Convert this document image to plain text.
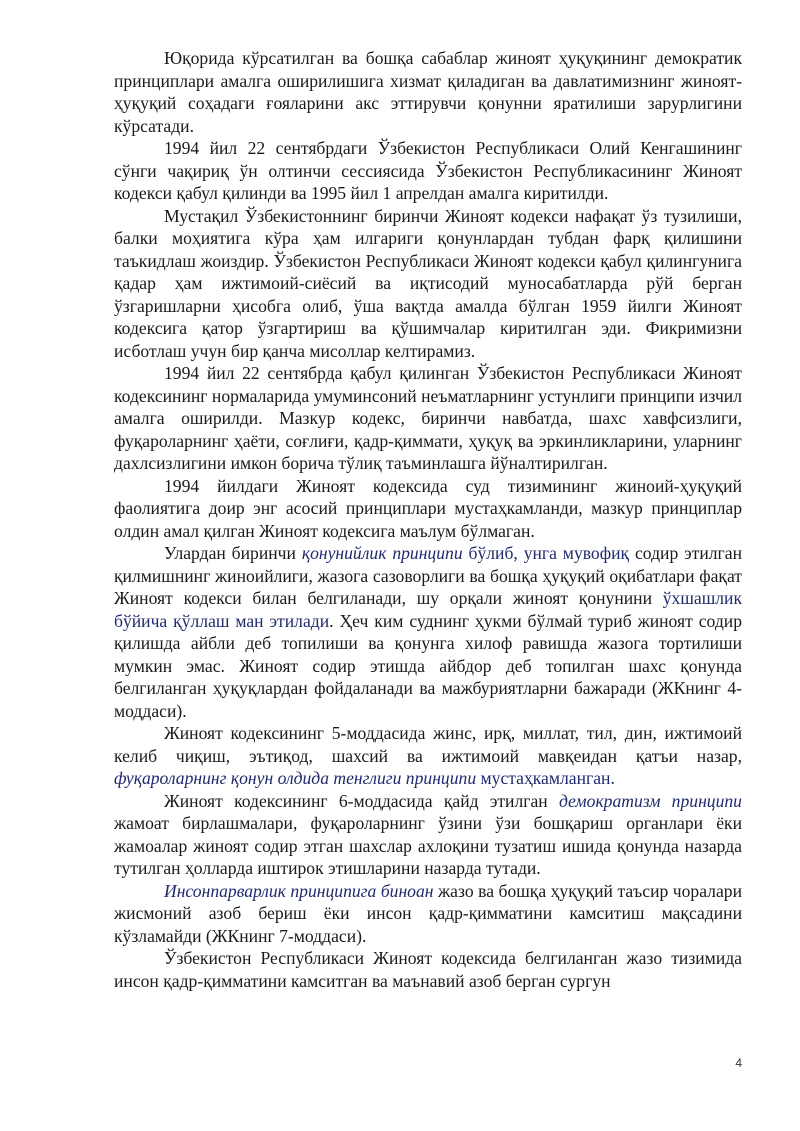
Юқорида кўрсатилган ва бошқа сабаблар жиноят ҳуқуқининг демократик принциплари амалга оширилишига хизмат қиладиган ва давлатимизнинг жиноят-ҳуқуқий соҳадаги ғояларини акс эттирувчи қонунни яратилиши зарурлигини кўрсатади.

1994 йил 22 сентябрдаги Ўзбекистон Республикаси Олий Кенгашининг сўнги чақириқ ўн олтинчи сессиясида Ўзбекистон Республикасининг Жиноят кодекси қабул қилинди ва 1995 йил 1 апрелдан амалга киритилди.

Мустақил Ўзбекистоннинг биринчи Жиноят кодекси нафақат ўз тузилиши, балки моҳиятига кўра ҳам илгариги қонунлардан тубдан фарқ қилишини таъкидлаш жоиздир. Ўзбекистон Республикаси Жиноят кодекси қабул қилингунига қадар ҳам ижтимоий-сиёсий ва иқтисодий муносабатларда рўй берган ўзгаришларни ҳисобга олиб, ўша вақтда амалда бўлган 1959 йилги Жиноят кодексига қатор ўзгартириш ва қўшимчалар киритилган эди. Фикримизни исботлаш учун бир қанча мисоллар келтирамиз.

1994 йил 22 сентябрда қабул қилинган Ўзбекистон Республикаси Жиноят кодексининг нормаларида умуминсоний неъматларнинг устунлиги принципи изчил амалга оширилди. Мазкур кодекс, биринчи навбатда, шахс хавфсизлиги, фуқароларнинг ҳаёти, соғлиғи, қадр-қиммати, ҳуқуқ ва эркинликларини, уларнинг дахлсизлигини имкон борича тўлиқ таъминлашга йўналтирилган.

1994 йилдаги Жиноят кодексида суд тизимининг жиноий-ҳуқуқий фаолиятига доир энг асосий принциплари мустаҳкамланди, мазкур принциплар олдин амал қилган Жиноят кодексига маълум бўлмаган.

Улардан биринчи қонунийлик принципи бўлиб, унга мувофиқ содир этилган қилмишнинг жиноийлиги, жазога сазоворлиги ва бошқа ҳуқуқий оқибатлари фақат Жиноят кодекси билан белгиланади, шу орқали жиноят қонунини ўхшашлик бўйича қўллаш ман этилади. Ҳеч ким суднинг ҳукми бўлмай туриб жиноят содир қилишда айбли деб топилиши ва қонунга хилоф равишда жазога тортилиши мумкин эмас. Жиноят содир этишда айбдор деб топилган шахс қонунда белгиланган ҳуқуқлардан фойдаланади ва мажбуриятларни бажаради (ЖКнинг 4-моддаси).

Жиноят кодексининг 5-моддасида жинс, ирқ, миллат, тил, дин, ижтимоий келиб чиқиш, эътиқод, шахсий ва ижтимоий мавқеидан қатъи назар, фуқароларнинг қонун олдида тенглиги принципи мустаҳкамланган.

Жиноят кодексининг 6-моддасида қайд этилган демократизм принципи жамоат бирлашмалари, фуқароларнинг ўзини ўзи бошқариш органлари ёки жамоалар жиноят содир этган шахслар ахлоқини тузатиш ишида қонунда назарда тутилган ҳолларда иштирок этишларини назарда тутади.

Инсонпарварлик принципига биноан жазо ва бошқа ҳуқуқий таъсир чоралари жисмоний азоб бериш ёки инсон қадр-қимматини камситиш мақсадини кўзламайди (ЖКнинг 7-моддаси).

Ўзбекистон Республикаси Жиноят кодексида белгиланган жазо тизимида инсон қадр-қимматини камситган ва маънавий азоб берган сургун

4
